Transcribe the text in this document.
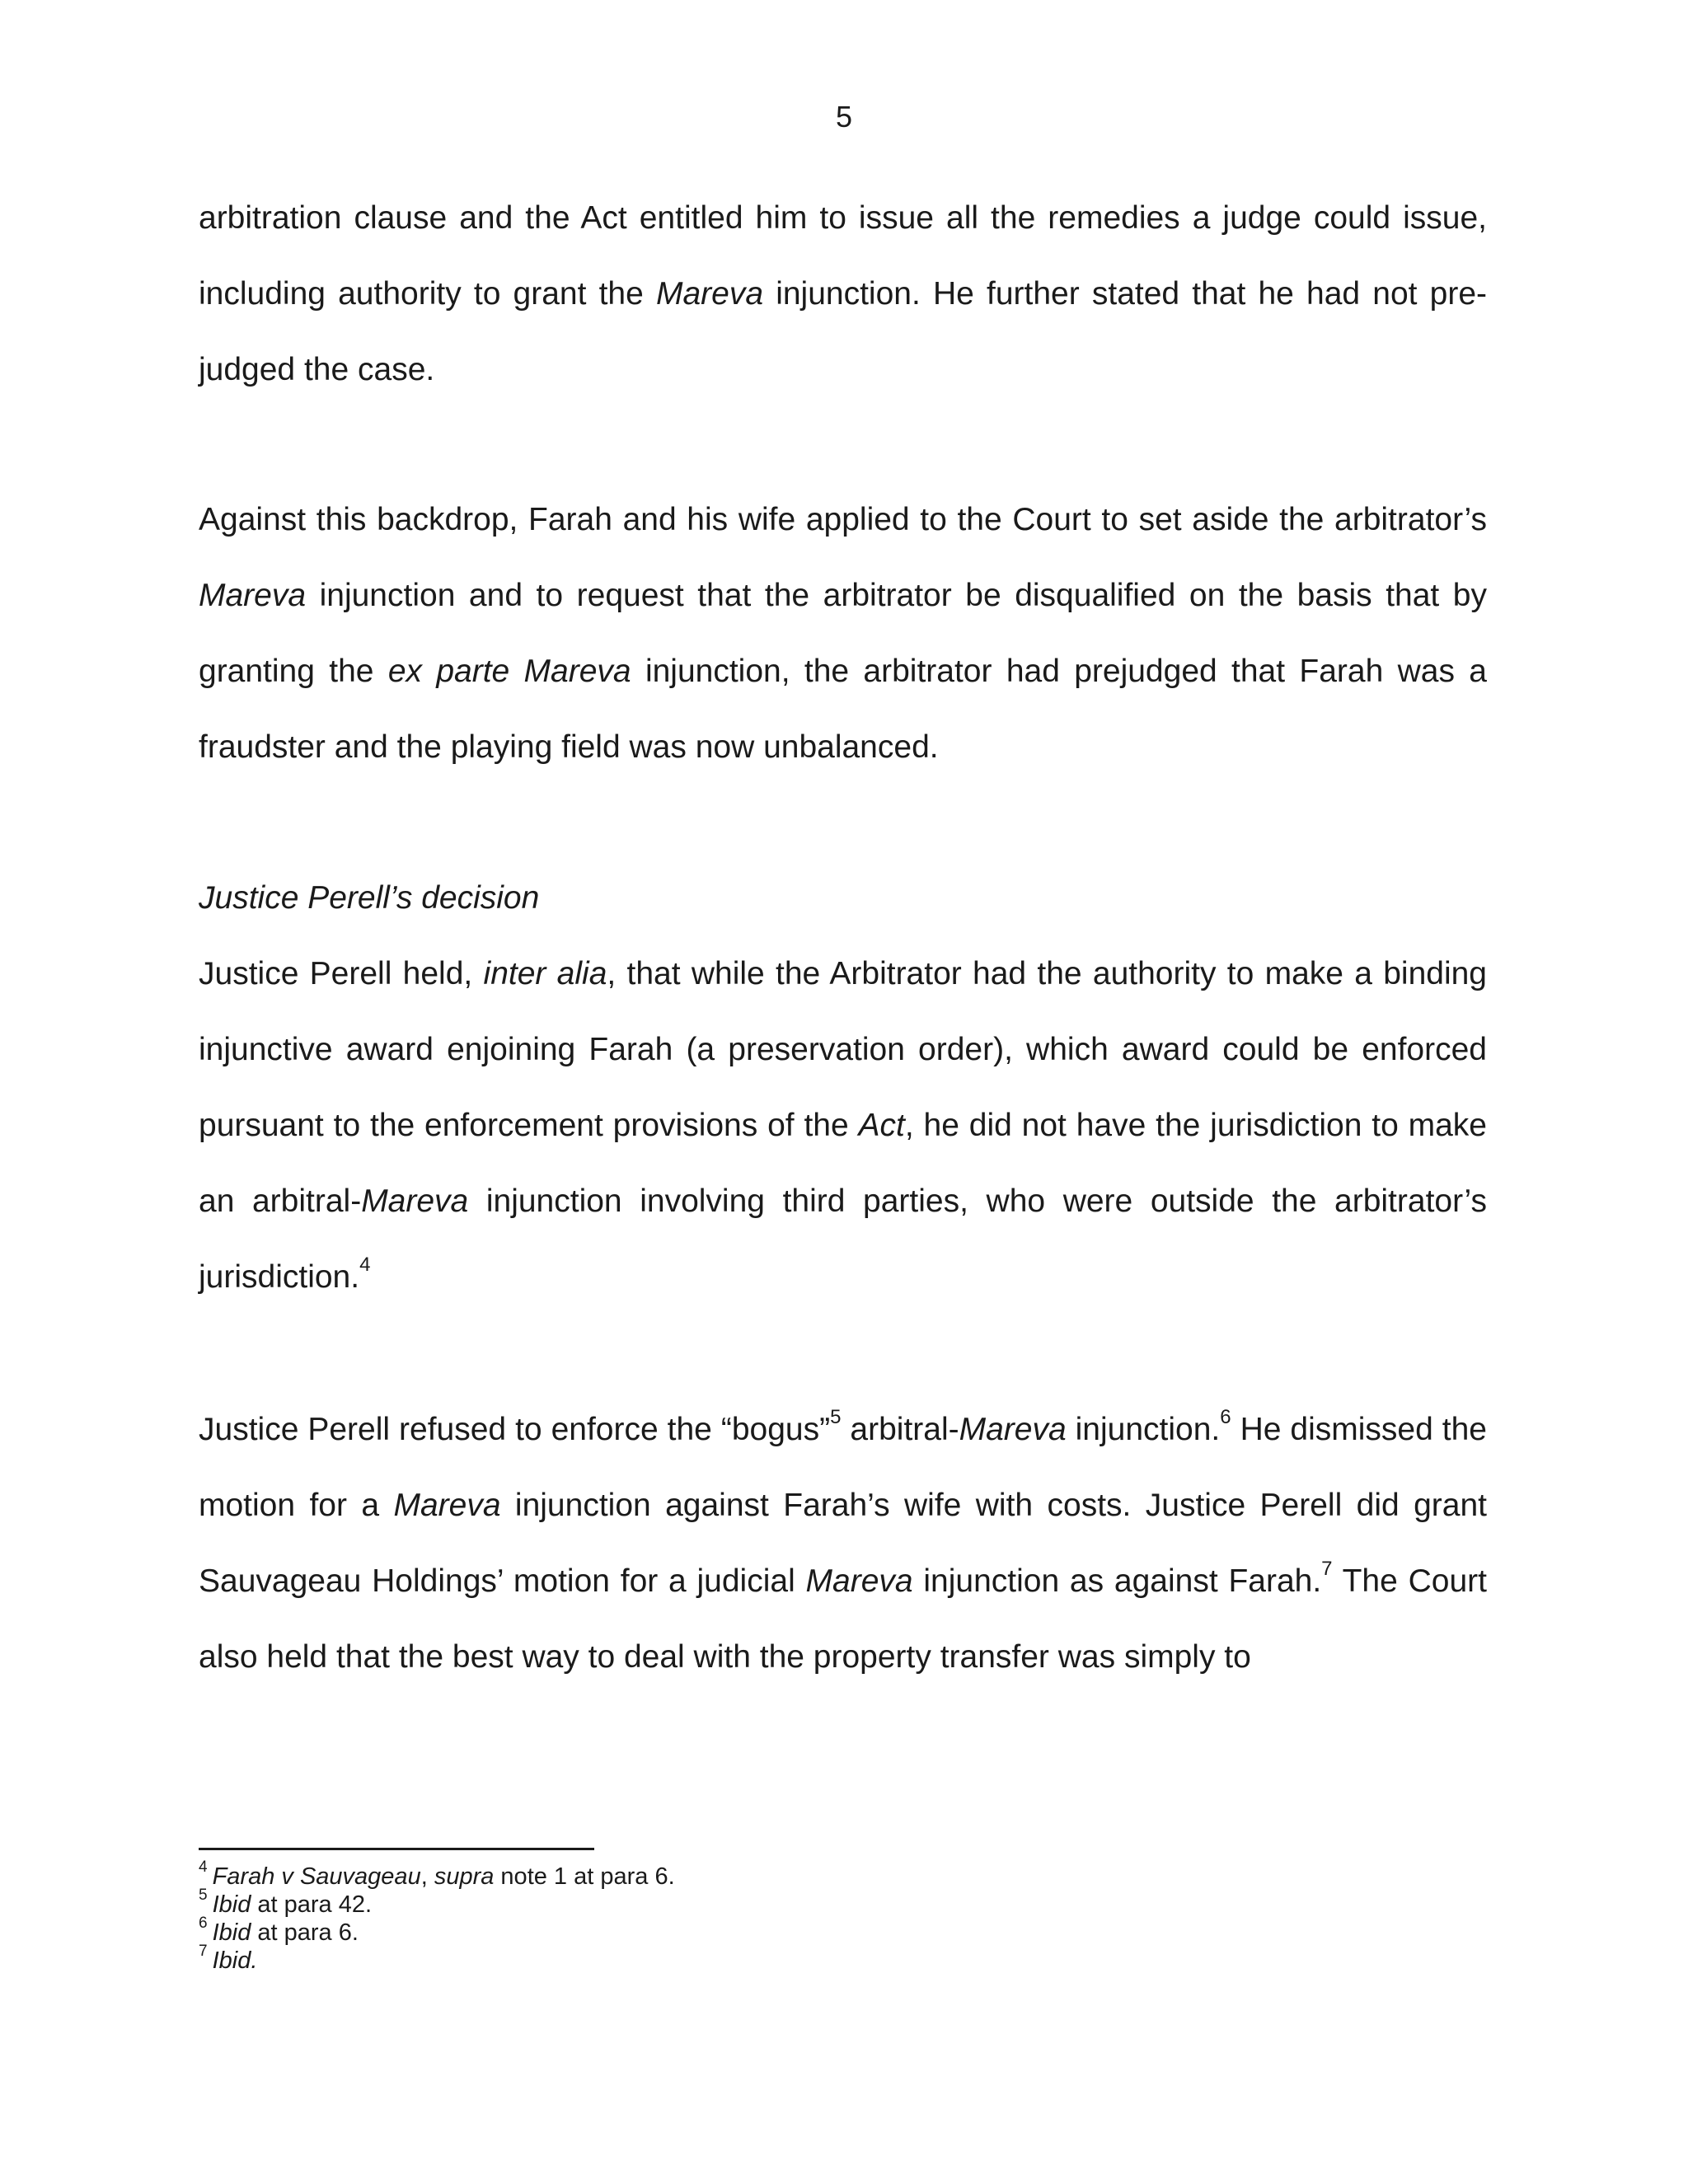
5

arbitration clause and the Act entitled him to issue all the remedies a judge could issue, including authority to grant the Mareva injunction. He further stated that he had not pre-judged the case.

Against this backdrop, Farah and his wife applied to the Court to set aside the arbitrator’s Mareva injunction and to request that the arbitrator be disqualified on the basis that by granting the ex parte Mareva injunction, the arbitrator had prejudged that Farah was a fraudster and the playing field was now unbalanced.

Justice Perell’s decision

Justice Perell held, inter alia, that while the Arbitrator had the authority to make a binding injunctive award enjoining Farah (a preservation order), which award could be enforced pursuant to the enforcement provisions of the Act, he did not have the jurisdiction to make an arbitral-Mareva injunction involving third parties, who were outside the arbitrator’s jurisdiction.$^4$

Justice Perell refused to enforce the “bogus”$^5$ arbitral-Mareva injunction.$^6$ He dismissed the motion for a Mareva injunction against Farah’s wife with costs. Justice Perell did grant Sauvageau Holdings’ motion for a judicial Mareva injunction as against Farah.$^7$ The Court also held that the best way to deal with the property transfer was simply to

$^4$ Farah v Sauvageau, supra note 1 at para 6.

$^5$ Ibid at para 42.

$^6$ Ibid at para 6.

$^7$ Ibid.
